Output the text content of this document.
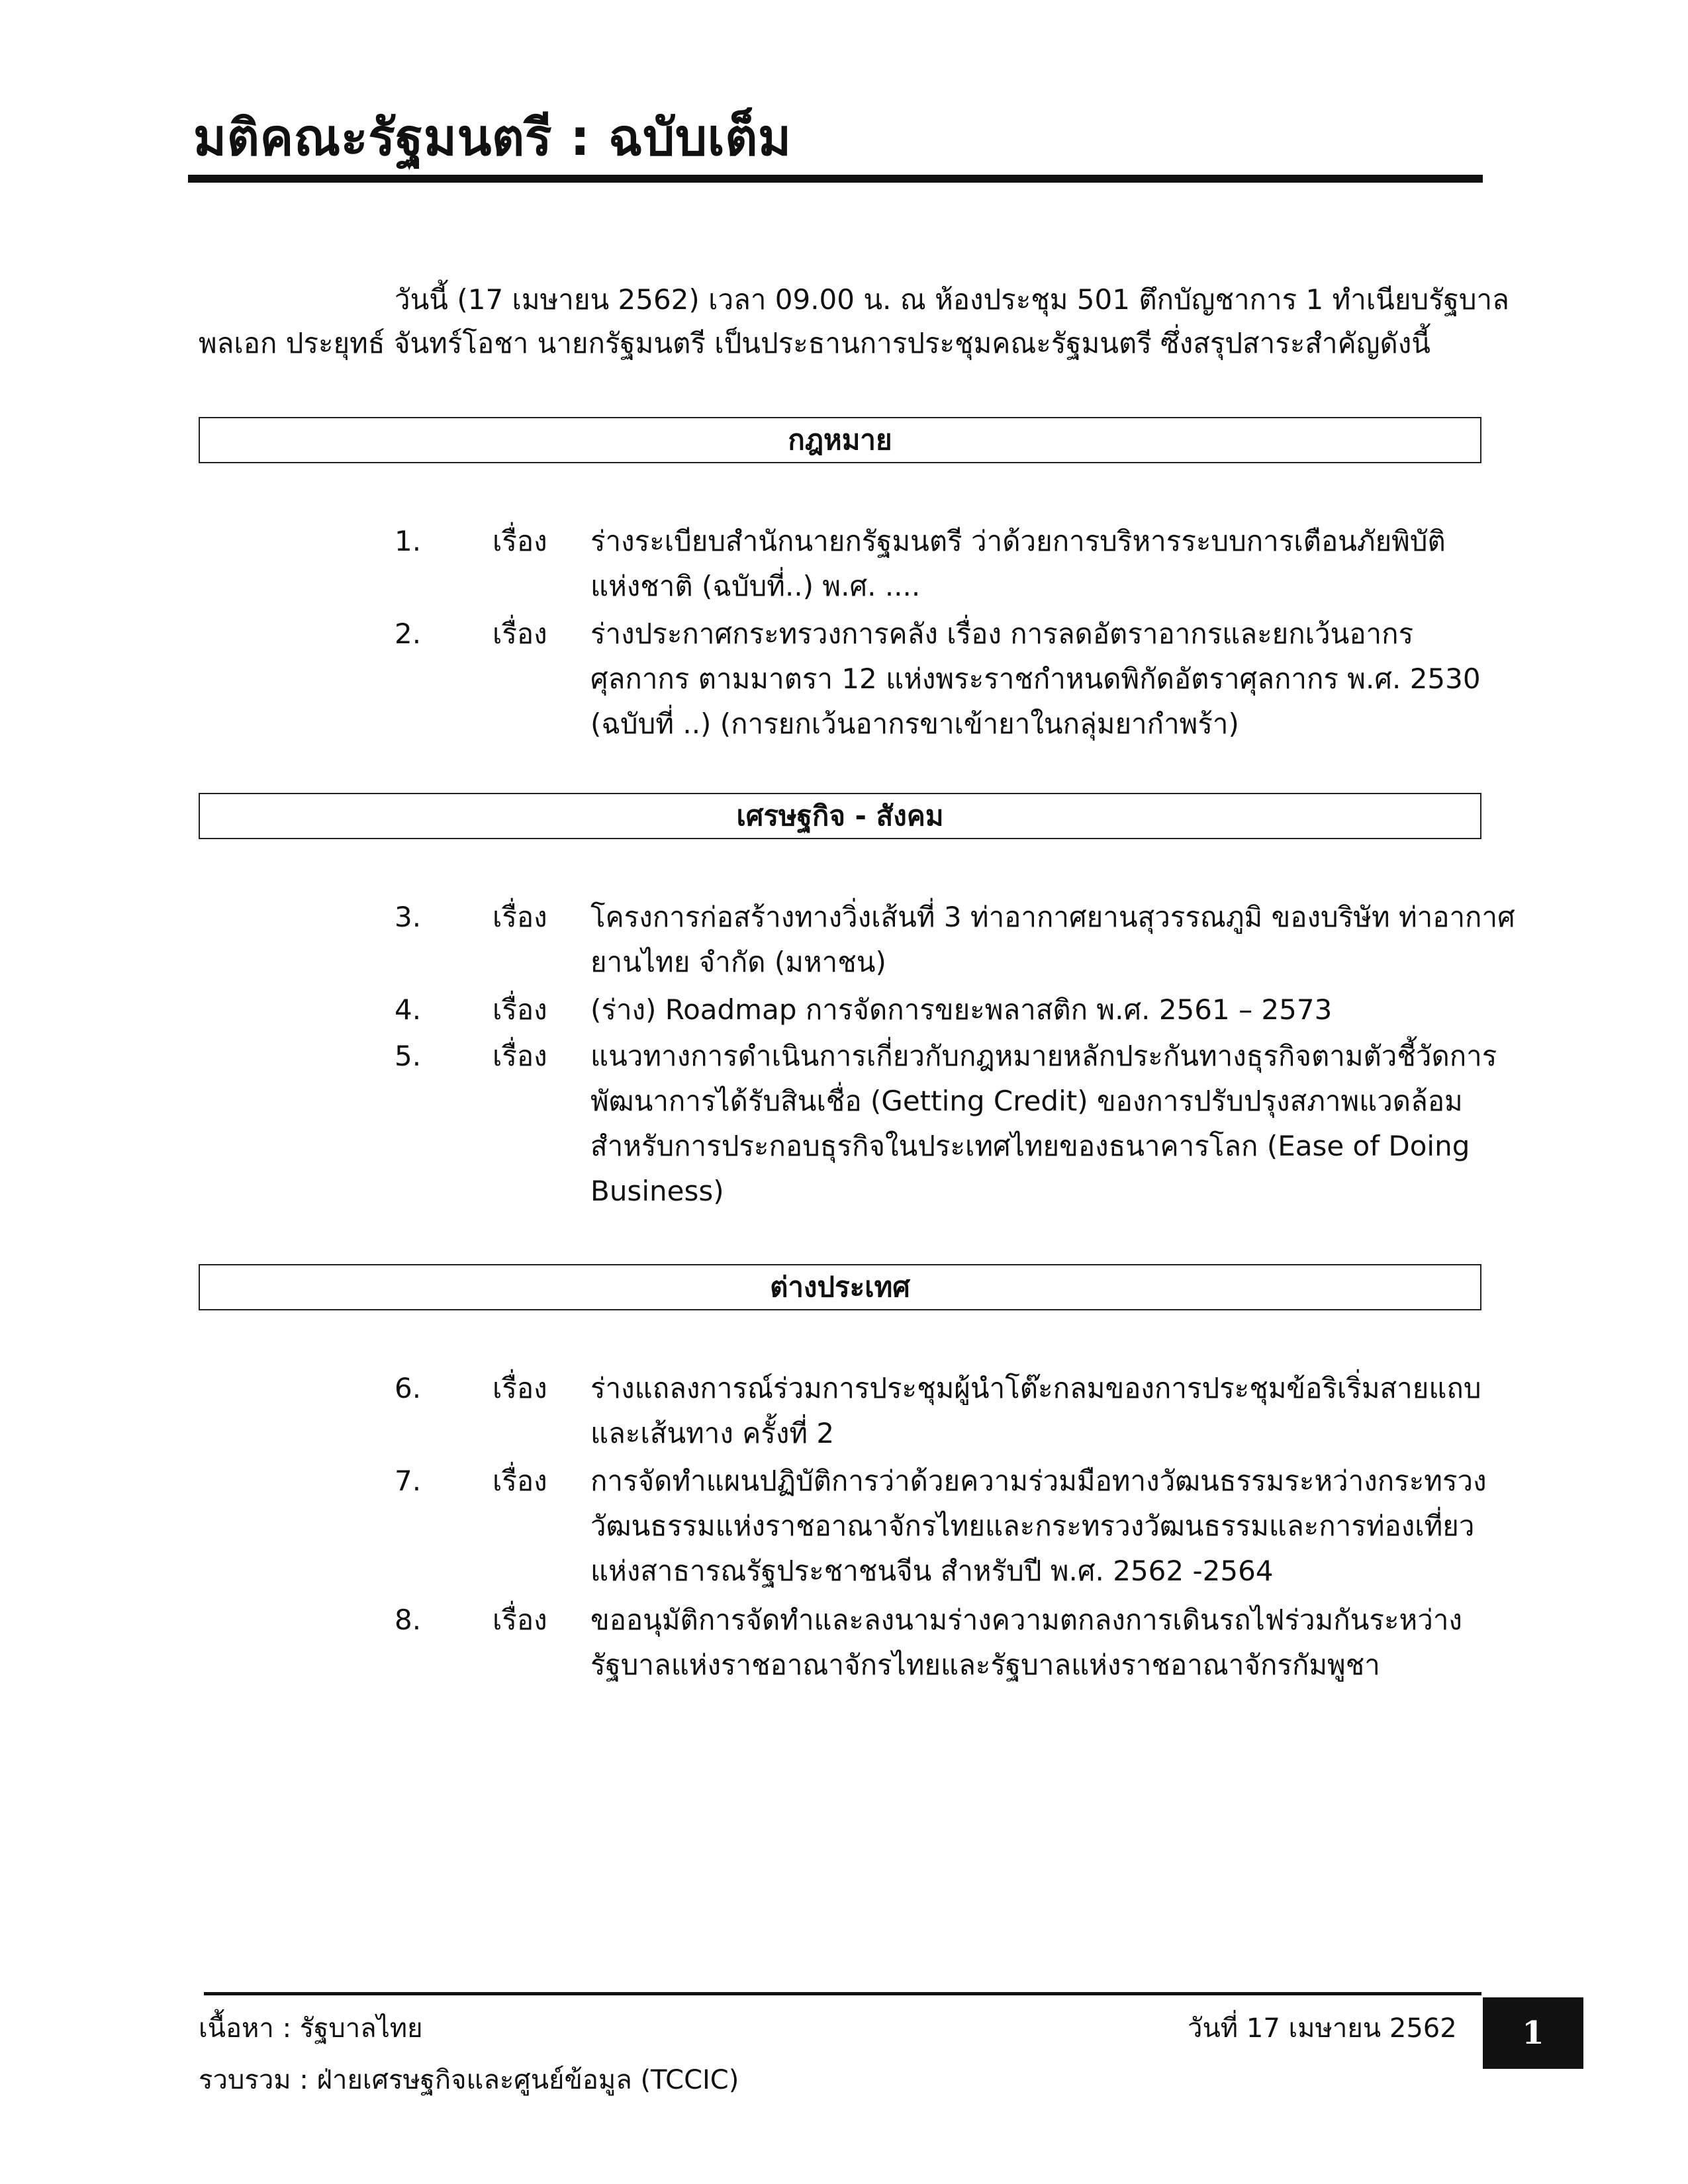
มติคณะรัฐมนตรี : ฉบับเต็ม
วันนี้ (17 เมษายน 2562) เวลา 09.00 น. ณ ห้องประชุม 501 ตึกบัญชาการ 1 ทำเนียบรัฐบาล
พลเอก ประยุทธ์ จันทร์โอชา นายกรัฐมนตรี เป็นประธานการประชุมคณะรัฐมนตรี ซึ่งสรุปสาระสำคัญดังนี้
กฎหมาย
1.	เรื่อง ร่างระเบียบสำนักนายกรัฐมนตรี ว่าด้วยการบริหารระบบการเตือนภัยพิบัติ
แห่งชาติ (ฉบับที่..) พ.ศ. ....
2.	เรื่อง ร่างประกาศกระทรวงการคลัง เรื่อง การลดอัตราอากรและยกเว้นอากร
ศุลกากร ตามมาตรา 12 แห่งพระราชกำหนดพิกัดอัตราศุลกากร พ.ศ. 2530
(ฉบับที่ ..) (การยกเว้นอากรขาเข้ายาในกลุ่มยากำพร้า)
เศรษฐกิจ - สังคม
3.	เรื่อง โครงการก่อสร้างทางวิ่งเส้นที่ 3 ท่าอากาศยานสุวรรณภูมิ ของบริษัท ท่าอากาศ
ยานไทย จำกัด (มหาชน)
4.	เรื่อง (ร่าง) Roadmap การจัดการขยะพลาสติก พ.ศ. 2561 – 2573
5.	เรื่อง แนวทางการดำเนินการเกี่ยวกับกฎหมายหลักประกันทางธุรกิจตามตัวชี้วัดการ
พัฒนาการได้รับสินเชื่อ (Getting Credit) ของการปรับปรุงสภาพแวดล้อม
สำหรับการประกอบธุรกิจในประเทศไทยของธนาคารโลก (Ease of Doing
Business)
ต่างประเทศ
6.	เรื่อง ร่างแถลงการณ์ร่วมการประชุมผู้นำโต๊ะกลมของการประชุมข้อริเริ่มสายแถบ
และเส้นทาง ครั้งที่ 2
7.	เรื่อง การจัดทำแผนปฏิบัติการว่าด้วยความร่วมมือทางวัฒนธรรมระหว่างกระทรวง
วัฒนธรรมแห่งราชอาณาจักรไทยและกระทรวงวัฒนธรรมและการท่องเที่ยว
แห่งสาธารณรัฐประชาชนจีน สำหรับปี พ.ศ. 2562 -2564
8.	เรื่อง ขออนุมัติการจัดทำและลงนามร่างความตกลงการเดินรถไฟร่วมกันระหว่าง
รัฐบาลแห่งราชอาณาจักรไทยและรัฐบาลแห่งราชอาณาจักรกัมพูชา
เนื้อหา : รัฐบาลไทย
รวบรวม : ฝ่ายเศรษฐกิจและศูนย์ข้อมูล (TCCIC)
วันที่ 17 เมษายน 2562 1
